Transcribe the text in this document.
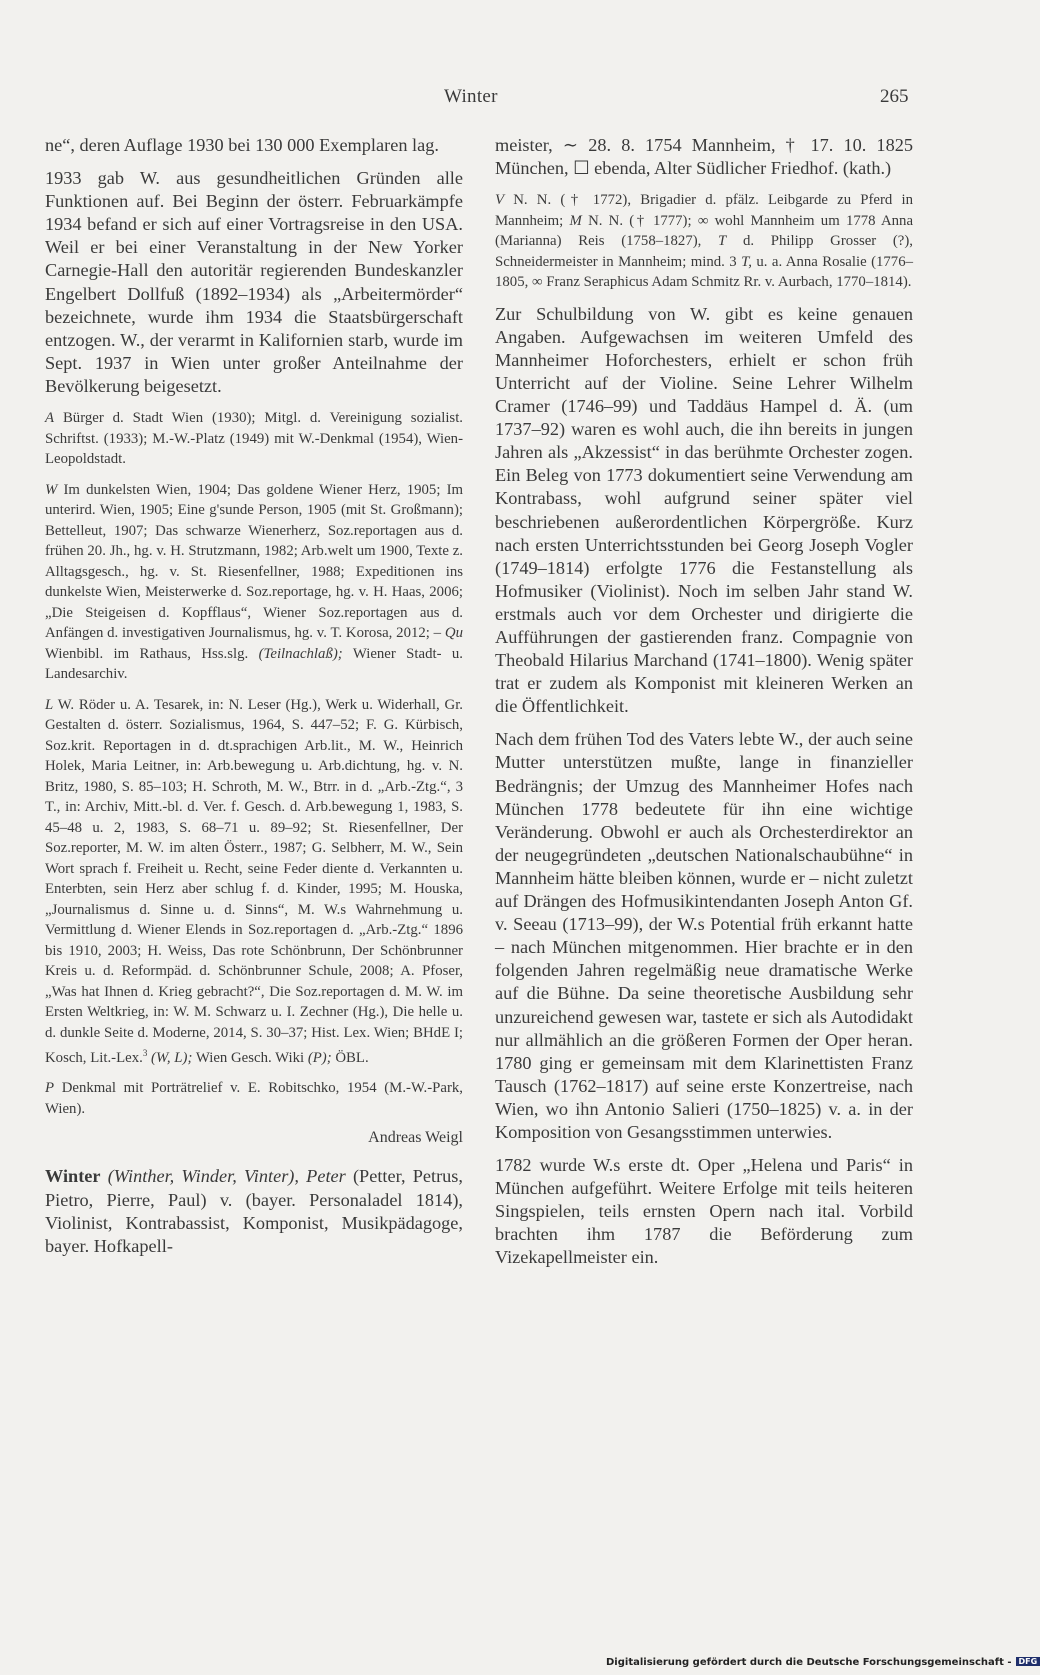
Winter	265

ne“, deren Auflage 1930 bei 130 000 Exemplaren lag.

1933 gab W. aus gesundheitlichen Gründen alle Funktionen auf. Bei Beginn der österr. Februarkämpfe 1934 befand er sich auf einer Vortragsreise in den USA. Weil er bei einer Veranstaltung in der New Yorker Carnegie-Hall den autoritär regierenden Bundeskanzler Engelbert Dollfuß (1892–1934) als „Arbeitermörder“ bezeichnete, wurde ihm 1934 die Staatsbürgerschaft entzogen. W., der verarmt in Kalifornien starb, wurde im Sept. 1937 in Wien unter großer Anteilnahme der Bevölkerung beigesetzt.

A Bürger d. Stadt Wien (1930); Mitgl. d. Vereinigung sozialist. Schriftst. (1933); M.-W.-Platz (1949) mit W.-Denkmal (1954), Wien-Leopoldstadt.

W Im dunkelsten Wien, 1904; Das goldene Wiener Herz, 1905; Im unterird. Wien, 1905; Eine g'sunde Person, 1905 (mit St. Großmann); Bettelleut, 1907; Das schwarze Wienerherz, Soz.reportagen aus d. frühen 20. Jh., hg. v. H. Strutzmann, 1982; Arb.welt um 1900, Texte z. Alltagsgesch., hg. v. St. Riesenfellner, 1988; Expeditionen ins dunkelste Wien, Meisterwerke d. Soz.reportage, hg. v. H. Haas, 2006; „Die Steigeisen d. Kopfflaus“, Wiener Soz.reportagen aus d. Anfängen d. investigativen Journalismus, hg. v. T. Korosa, 2012; – Qu Wienbibl. im Rathaus, Hss.slg. (Teilnachlaß); Wiener Stadt- u. Landesarchiv.

L W. Röder u. A. Tesarek, in: N. Leser (Hg.), Werk u. Widerhall, Gr. Gestalten d. österr. Sozialismus, 1964, S. 447–52; F. G. Kürbisch, Soz.krit. Reportagen in d. dt.sprachigen Arb.lit., M. W., Heinrich Holek, Maria Leitner, in: Arb.bewegung u. Arb.dichtung, hg. v. N. Britz, 1980, S. 85–103; H. Schroth, M. W., Btrr. in d. „Arb.-Ztg.“, 3 T., in: Archiv, Mitt.-bl. d. Ver. f. Gesch. d. Arb.bewegung 1, 1983, S. 45–48 u. 2, 1983, S. 68–71 u. 89–92; St. Riesenfellner, Der Soz.reporter, M. W. im alten Österr., 1987; G. Selbherr, M. W., Sein Wort sprach f. Freiheit u. Recht, seine Feder diente d. Verkannten u. Enterbten, sein Herz aber schlug f. d. Kinder, 1995; M. Houska, „Journalismus d. Sinne u. d. Sinns“, M. W.s Wahrnehmung u. Vermittlung d. Wiener Elends in Soz.reportagen d. „Arb.-Ztg.“ 1896 bis 1910, 2003; H. Weiss, Das rote Schönbrunn, Der Schönbrunner Kreis u. d. Reformpäd. d. Schönbrunner Schule, 2008; A. Pfoser, „Was hat Ihnen d. Krieg gebracht?“, Die Soz.reportagen d. M. W. im Ersten Weltkrieg, in: W. M. Schwarz u. I. Zechner (Hg.), Die helle u. d. dunkle Seite d. Moderne, 2014, S. 30–37; Hist. Lex. Wien; BHdE I; Kosch, Lit.-Lex.$^3$ (W, L); Wien Gesch. Wiki (P); ÖBL.

P Denkmal mit Porträtrelief v. E. Robitschko, 1954 (M.-W.-Park, Wien).

Andreas Weigl

Winter (Winther, Winder, Vinter), Peter (Petter, Petrus, Pietro, Pierre, Paul) v. (bayer. Personaladel 1814), Violinist, Kontrabassist, Komponist, Musikpädagoge, bayer. Hofkapell-

meister, ∼ 28. 8. 1754 Mannheim, † 17. 10. 1825 München, ☐ ebenda, Alter Südlicher Friedhof. (kath.)

V N. N. († 1772), Brigadier d. pfälz. Leibgarde zu Pferd in Mannheim; M N. N. († 1777); ∞ wohl Mannheim um 1778 Anna (Marianna) Reis (1758–1827), T d. Philipp Grosser (?), Schneidermeister in Mannheim; mind. 3 T, u. a. Anna Rosalie (1776–1805, ∞ Franz Seraphicus Adam Schmitz Rr. v. Aurbach, 1770–1814).

Zur Schulbildung von W. gibt es keine genauen Angaben. Aufgewachsen im weiteren Umfeld des Mannheimer Hoforchesters, erhielt er schon früh Unterricht auf der Violine. Seine Lehrer Wilhelm Cramer (1746–99) und Taddäus Hampel d. Ä. (um 1737–92) waren es wohl auch, die ihn bereits in jungen Jahren als „Akzessist“ in das berühmte Orchester zogen. Ein Beleg von 1773 dokumentiert seine Verwendung am Kontrabass, wohl aufgrund seiner später viel beschriebenen außerordentlichen Körpergröße. Kurz nach ersten Unterrichtsstunden bei Georg Joseph Vogler (1749–1814) erfolgte 1776 die Festanstellung als Hofmusiker (Violinist). Noch im selben Jahr stand W. erstmals auch vor dem Orchester und dirigierte die Aufführungen der gastierenden franz. Compagnie von Theobald Hilarius Marchand (1741–1800). Wenig später trat er zudem als Komponist mit kleineren Werken an die Öffentlichkeit.

Nach dem frühen Tod des Vaters lebte W., der auch seine Mutter unterstützen mußte, lange in finanzieller Bedrängnis; der Umzug des Mannheimer Hofes nach München 1778 bedeutete für ihn eine wichtige Veränderung. Obwohl er auch als Orchesterdirektor an der neugegründeten „deutschen Nationalschaubühne“ in Mannheim hätte bleiben können, wurde er – nicht zuletzt auf Drängen des Hofmusikintendanten Joseph Anton Gf. v. Seeau (1713–99), der W.s Potential früh erkannt hatte – nach München mitgenommen. Hier brachte er in den folgenden Jahren regelmäßig neue dramatische Werke auf die Bühne. Da seine theoretische Ausbildung sehr unzureichend gewesen war, tastete er sich als Autodidakt nur allmählich an die größeren Formen der Oper heran. 1780 ging er gemeinsam mit dem Klarinettisten Franz Tausch (1762–1817) auf seine erste Konzertreise, nach Wien, wo ihn Antonio Salieri (1750–1825) v. a. in der Komposition von Gesangsstimmen unterwies.

1782 wurde W.s erste dt. Oper „Helena und Paris“ in München aufgeführt. Weitere Erfolge mit teils heiteren Singspielen, teils ernsten Opern nach ital. Vorbild brachten ihm 1787 die Beförderung zum Vizekapellmeister ein.

Digitalisierung gefördert durch die Deutsche Forschungsgemeinschaft - DFG
